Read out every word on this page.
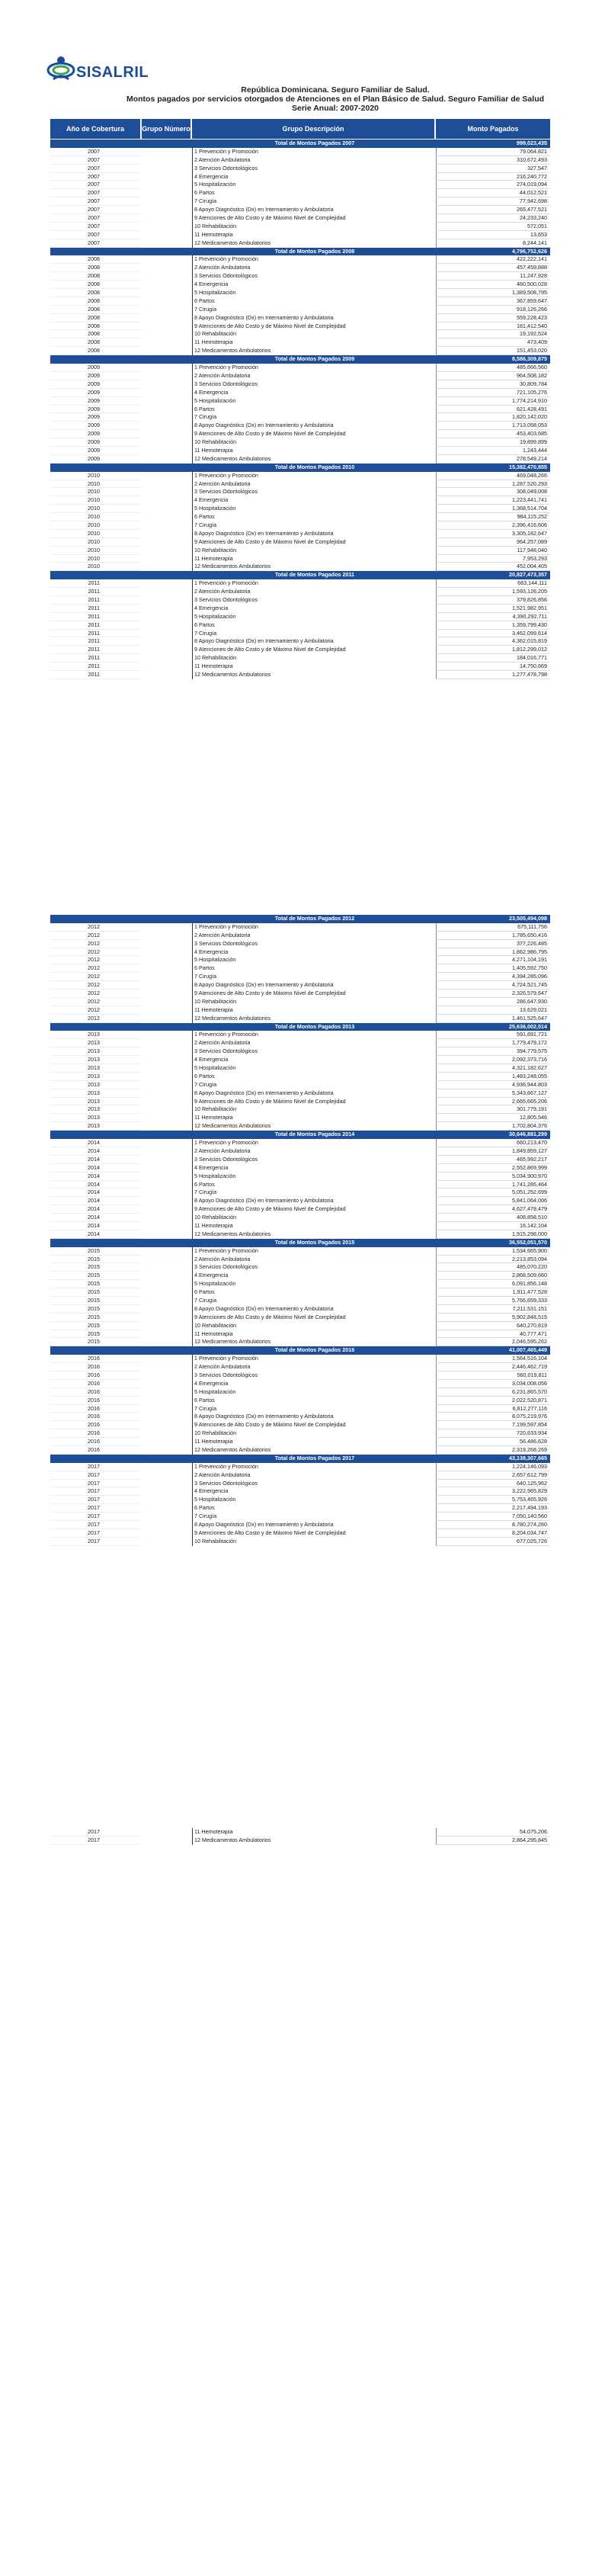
SISALRIL
República Dominicana. Seguro Familiar de Salud.
Montos pagados por servicios otorgados de Atenciones en el Plan Básico de Salud. Seguro Familiar de Salud
Serie Anual: 2007-2020
Año de Cobertura	Grupo Número	Grupo Descripción	Monto Pagados
Total de Montos Pagados 2007	999,023,435
2007	1 Prevención y Promoción	79,064,821
2007	2 Atención Ambulatoria	310,672,493
2007	3 Servicios Odontológicos	327,547
2007	4 Emergencia	216,240,772
2007	5 Hospitalización	274,019,094
2007	6 Partos	44,012,521
2007	7 Cirugía	77,942,698
2007	8 Apoyo Diagnóstico (Dx) en Internamiento y Ambulatoria	265,477,521
2007	9 Atenciones de Alto Costo y de Máximo Nivel de Complejidad	24,233,240
2007	10 Rehabilitación	572,051
2007	11 Hemoterapia	13,653
2007	12 Medicamentos Ambulatorios	8,244,141
Total de Montos Pagados 2008	4,796,752,626
2008	1 Prevención y Promoción	422,222,141
2008	2 Atención Ambulatoria	457,459,888
2008	3 Servicios Odontológicos	11,247,928
2008	4 Emergencia	460,500,028
2008	5 Hospitalización	1,389,508,795
2008	6 Partos	367,859,647
2008	7 Cirugía	918,126,266
2008	8 Apoyo Diagnóstico (Dx) en Internamiento y Ambulatoria	559,228,423
2008	9 Atenciones de Alto Costo y de Máximo Nivel de Complejidad	181,412,540
2008	10 Rehabilitación	19,192,524
2008	11 Hemoterapia	473,409
2008	12 Medicamentos Ambulatorios	151,453,020
Total de Montos Pagados 2009	8,586,309,875
2009	1 Prevención y Promoción	485,666,560
2009	2 Atención Ambulatoria	964,508,182
2009	3 Servicios Odontológicos	30,809,784
2009	4 Emergencia	721,105,276
2009	5 Hospitalización	1,774,214,910
2009	6 Partos	621,428,491
2009	7 Cirugía	1,820,142,020
2009	8 Apoyo Diagnóstico (Dx) en Internamiento y Ambulatoria	1,713,058,053
2009	9 Atenciones de Alto Costo y de Máximo Nivel de Complejidad	453,403,685
2009	10 Rehabilitación	19,899,899
2009	11 Hemoterapia	1,243,444
2009	12 Medicamentos Ambulatorios	278,549,214
Total de Montos Pagados 2010	15,382,470,855
2010	1 Prevención y Promoción	469,048,266
2010	2 Atención Ambulatoria	1,287,520,293
2010	3 Servicios Odontológicos	308,049,008
2010	4 Emergencia	1,223,441,741
2010	5 Hospitalización	1,368,514,704
2010	6 Partos	984,115,252
2010	7 Cirugía	2,396,416,606
2010	8 Apoyo Diagnóstico (Dx) en Internamiento y Ambulatoria	3,305,182,647
2010	9 Atenciones de Alto Costo y de Máximo Nivel de Complejidad	964,257,089
2010	10 Rehabilitación	117,948,040
2010	11 Hemoterapia	7,953,293
2010	12 Medicamentos Ambulatorios	452,004,405
Total de Montos Pagados 2011	20,827,473,357
2011	1 Prevención y Promoción	663,144,111
2011	2 Atención Ambulatoria	1,593,126,205
2011	3 Servicios Odontológicos	379,826,856
2011	4 Emergencia	1,521,982,951
2011	5 Hospitalización	4,390,292,711
2011	6 Partos	1,359,799,430
2011	7 Cirugía	3,462,099,614
2011	8 Apoyo Diagnóstico (Dx) en Internamiento y Ambulatoria	4,362,015,819
2011	9 Atenciones de Alto Costo y de Máximo Nivel de Complejidad	1,812,299,012
2011	10 Rehabilitación	184,016,771
2011	11 Hemoterapia	14,750,669
2011	12 Medicamentos Ambulatorios	1,277,478,798
Total de Montos Pagados 2012	23,505,494,098
2012	1 Prevención y Promoción	675,111,756
2012	2 Atención Ambulatoria	1,785,650,416
2012	3 Servicios Odontológicos	377,226,485
2012	4 Emergencia	1,862,986,795
2012	5 Hospitalización	4,271,104,191
2012	6 Partos	1,405,592,750
2012	7 Cirugía	4,394,285,096
2012	8 Apoyo Diagnóstico (Dx) en Internamiento y Ambulatoria	4,724,521,745
2012	9 Atenciones de Alto Costo y de Máximo Nivel de Complejidad	2,326,579,647
2012	10 Rehabilitación	286,647,930
2012	11 Hemoterapia	13,629,021
2012	12 Medicamentos Ambulatorios	1,461,525,647
Total de Montos Pagados 2013	25,636,002,514
2013	1 Prevención y Promoción	591,891,721
2013	2 Atención Ambulatoria	1,779,479,172
2013	3 Servicios Odontológicos	394,779,575
2013	4 Emergencia	2,092,373,716
2013	5 Hospitalización	4,321,182,627
2013	6 Partos	1,483,248,055
2013	7 Cirugía	4,936,944,803
2013	8 Apoyo Diagnóstico (Dx) en Internamiento y Ambulatoria	5,343,667,127
2013	9 Atenciones de Alto Costo y de Máximo Nivel de Complejidad	2,665,665,206
2013	10 Rehabilitación	301,779,191
2013	11 Hemoterapia	12,805,546
2013	12 Medicamentos Ambulatorios	1,702,804,376
Total de Montos Pagados 2014	30,646,881,299
2014	1 Prevención y Promoción	660,213,470
2014	2 Atención Ambulatoria	1,849,859,127
2014	3 Servicios Odontológicos	465,992,217
2014	4 Emergencia	2,552,869,999
2014	5 Hospitalización	5,034,900,970
2014	6 Partos	1,741,285,464
2014	7 Cirugía	5,051,252,699
2014	8 Apoyo Diagnóstico (Dx) en Internamiento y Ambulatoria	5,841,064,006
2014	9 Atenciones de Alto Costo y de Máximo Nivel de Complejidad	4,627,479,479
2014	10 Rehabilitación	408,858,510
2014	11 Hemoterapia	16,142,104
2014	12 Medicamentos Ambulatorios	1,915,298,000
Total de Montos Pagados 2015	36,552,051,570
2015	1 Prevención y Promoción	1,534,665,900
2015	2 Atención Ambulatoria	2,213,853,094
2015	3 Servicios Odontológicos	485,070,220
2015	4 Emergencia	2,868,509,660
2015	5 Hospitalización	6,091,856,148
2015	6 Partos	1,911,477,528
2015	7 Cirugía	5,766,659,333
2015	8 Apoyo Diagnóstico (Dx) en Internamiento y Ambulatoria	7,211,531,151
2015	9 Atenciones de Alto Costo y de Máximo Nivel de Complejidad	5,902,848,515
2015	10 Rehabilitación	640,270,819
2015	11 Hemoterapia	40,777,471
2015	12 Medicamentos Ambulatorios	2,046,595,262
Total de Montos Pagados 2016	41,007,465,449
2016	1 Prevención y Promoción	1,564,516,104
2016	2 Atención Ambulatoria	2,446,462,719
2016	3 Servicios Odontológicos	560,019,811
2016	4 Emergencia	3,034,008,056
2016	5 Hospitalización	6,231,865,570
2016	6 Partos	2,022,520,871
2016	7 Cirugía	6,812,277,116
2016	8 Apoyo Diagnóstico (Dx) en Internamiento y Ambulatoria	8,075,219,976
2016	9 Atenciones de Alto Costo y de Máximo Nivel de Complejidad	7,199,597,854
2016	10 Rehabilitación	720,633,934
2016	11 Hemoterapia	56,486,628
2016	12 Medicamentos Ambulatorios	2,319,268,269
Total de Montos Pagados 2017	43,138,307,665
2017	1 Prevención y Promoción	1,224,146,093
2017	2 Atención Ambulatoria	2,657,612,799
2017	3 Servicios Odontológicos	640,125,962
2017	4 Emergencia	3,222,965,829
2017	5 Hospitalización	5,753,465,926
2017	6 Partos	2,217,494,193
2017	7 Cirugía	7,050,140,560
2017	8 Apoyo Diagnóstico (Dx) en Internamiento y Ambulatoria	8,780,274,260
2017	9 Atenciones de Alto Costo y de Máximo Nivel de Complejidad	8,204,034,747
2017	10 Rehabilitación	677,025,726
2017	11 Hemoterapia	54,075,206
2017	12 Medicamentos Ambulatorios	2,864,295,845
